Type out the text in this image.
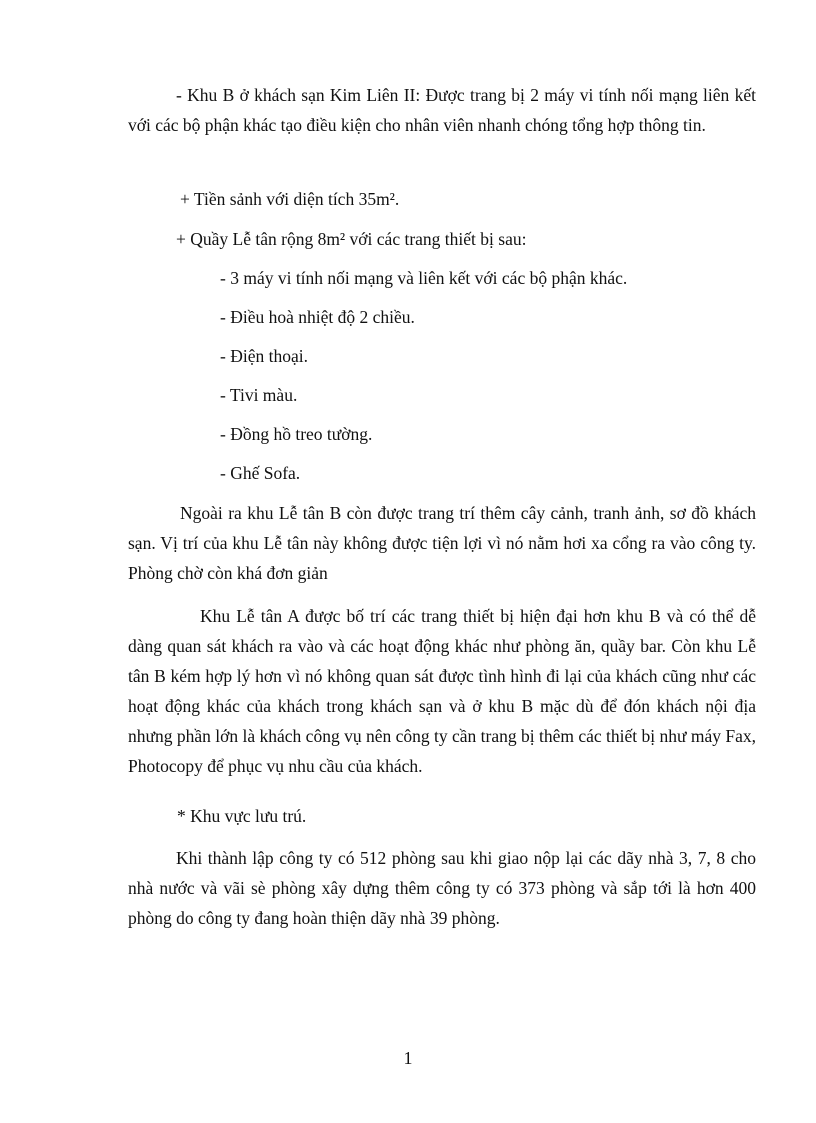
- Khu B ở khách sạn Kim Liên II: Được trang bị 2 máy vi tính nối mạng liên kết với các bộ phận khác tạo điều kiện cho nhân viên nhanh chóng tổng hợp thông tin.

+ Tiền sảnh với diện tích 35m².

+ Quầy Lễ tân rộng 8m² với các trang thiết bị sau:

- 3 máy vi tính nối mạng và liên kết với các bộ phận khác.

- Điều hoà nhiệt độ 2 chiều.

- Điện thoại.

- Tivi màu.

- Đồng hồ treo tường.

- Ghế Sofa.

Ngoài ra khu Lễ tân B còn được trang trí thêm cây cảnh, tranh ảnh, sơ đồ khách sạn. Vị trí của khu Lễ tân này không được tiện lợi vì nó nằm hơi xa cổng ra vào công ty. Phòng chờ còn khá đơn giản

Khu Lễ tân A được bố trí các trang thiết bị hiện đại hơn khu B và có thể dễ dàng quan sát khách ra vào và các hoạt động khác như phòng ăn, quầy bar. Còn khu Lễ tân B kém hợp lý hơn vì nó không quan sát được tình hình đi lại của khách cũng như các hoạt động khác của khách trong khách sạn và ở khu B mặc dù để đón khách nội địa nhưng phần lớn là khách công vụ nên công ty cần trang bị thêm các thiết bị như máy Fax, Photocopy để phục vụ nhu cầu của khách.

* Khu vực lưu trú.

Khi thành lập công ty có 512 phòng sau khi giao nộp lại các dãy nhà 3, 7, 8 cho nhà nước và vãi sè phòng xây dựng thêm công ty có 373 phòng và sắp tới là hơn 400 phòng do công ty đang hoàn thiện dãy nhà 39 phòng.

1
